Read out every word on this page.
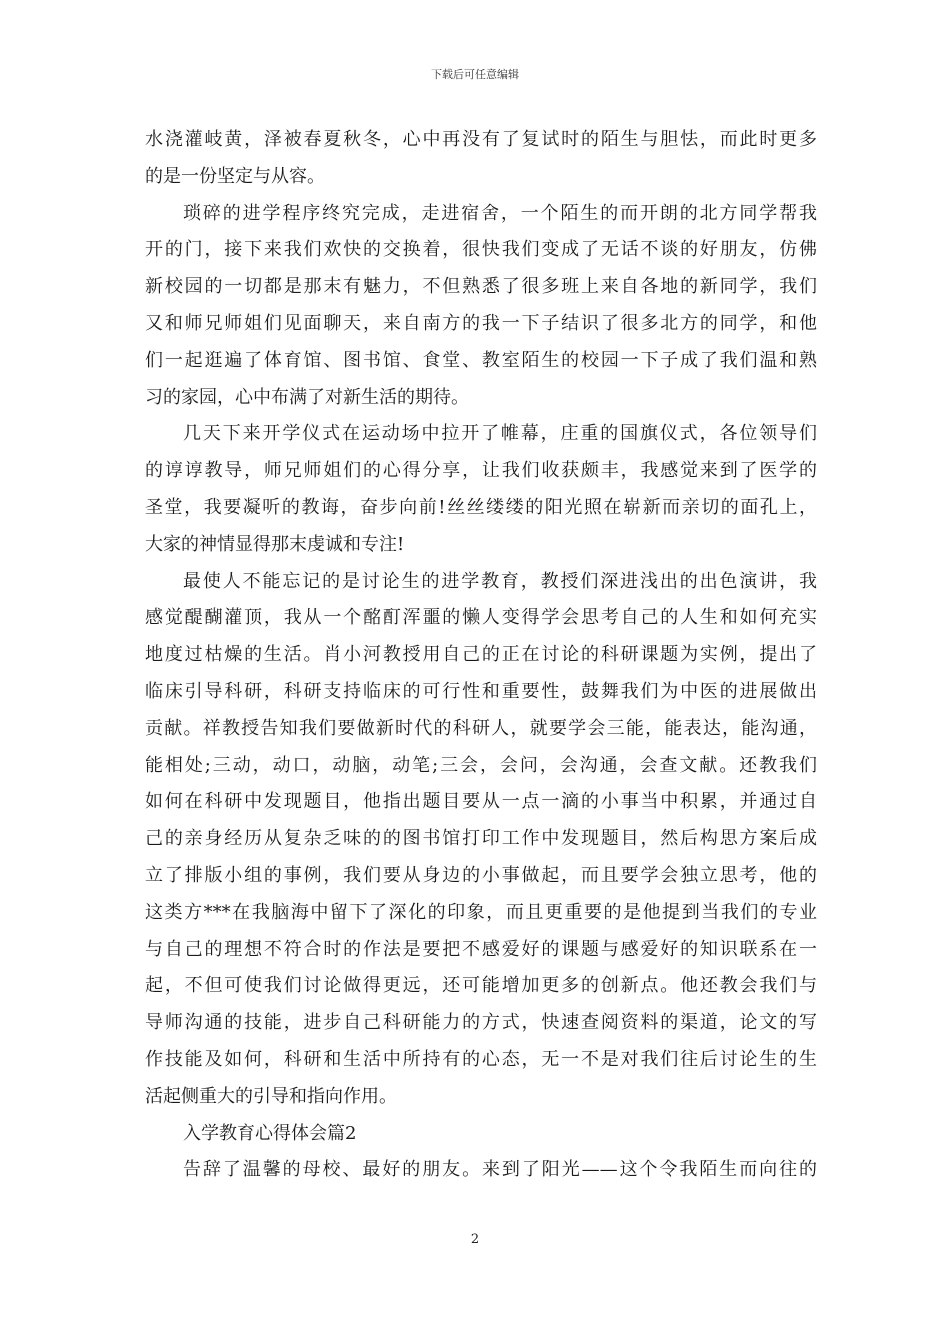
下载后可任意编辑
水浇灌岐黄，泽被春夏秋冬，心中再没有了复试时的陌生与胆怯，而此时更多
的是一份坚定与从容。
琐碎的进学程序终究完成，走进宿舍，一个陌生的而开朗的北方同学帮我
开的门，接下来我们欢快的交换着，很快我们变成了无话不谈的好朋友，仿佛
新校园的一切都是那末有魅力，不但熟悉了很多班上来自各地的新同学，我们
又和师兄师姐们见面聊天，来自南方的我一下子结识了很多北方的同学，和他
们一起逛遍了体育馆、图书馆、食堂、教室陌生的校园一下子成了我们温和熟
习的家园，心中布满了对新生活的期待。
几天下来开学仪式在运动场中拉开了帷幕，庄重的国旗仪式，各位领导们
的谆谆教导，师兄师姐们的心得分享，让我们收获颇丰，我感觉来到了医学的
圣堂，我要凝听的教诲，奋步向前!丝丝缕缕的阳光照在崭新而亲切的面孔上，
大家的神情显得那末虔诚和专注!
最使人不能忘记的是讨论生的进学教育，教授们深进浅出的出色演讲，我
感觉醍醐灌顶，我从一个酩酊浑噩的懒人变得学会思考自己的人生和如何充实
地度过枯燥的生活。肖小河教授用自己的正在讨论的科研课题为实例，提出了
临床引导科研，科研支持临床的可行性和重要性，鼓舞我们为中医的进展做出
贡献。祥教授告知我们要做新时代的科研人，就要学会三能，能表达，能沟通，
能相处;三动，动口，动脑，动笔;三会，会问，会沟通，会查文献。还教我们
如何在科研中发现题目，他指出题目要从一点一滴的小事当中积累，并通过自
己的亲身经历从复杂乏味的的图书馆打印工作中发现题目，然后构思方案后成
立了排版小组的事例，我们要从身边的小事做起，而且要学会独立思考，他的
这类方***在我脑海中留下了深化的印象，而且更重要的是他提到当我们的专业
与自己的理想不符合时的作法是要把不感爱好的课题与感爱好的知识联系在一
起，不但可使我们讨论做得更远，还可能增加更多的创新点。他还教会我们与
导师沟通的技能，进步自己科研能力的方式，快速查阅资料的渠道，论文的写
作技能及如何，科研和生活中所持有的心态，无一不是对我们往后讨论生的生
活起侧重大的引导和指向作用。
入学教育心得体会篇2
告辞了温馨的母校、最好的朋友。来到了阳光——这个令我陌生而向往的
2
